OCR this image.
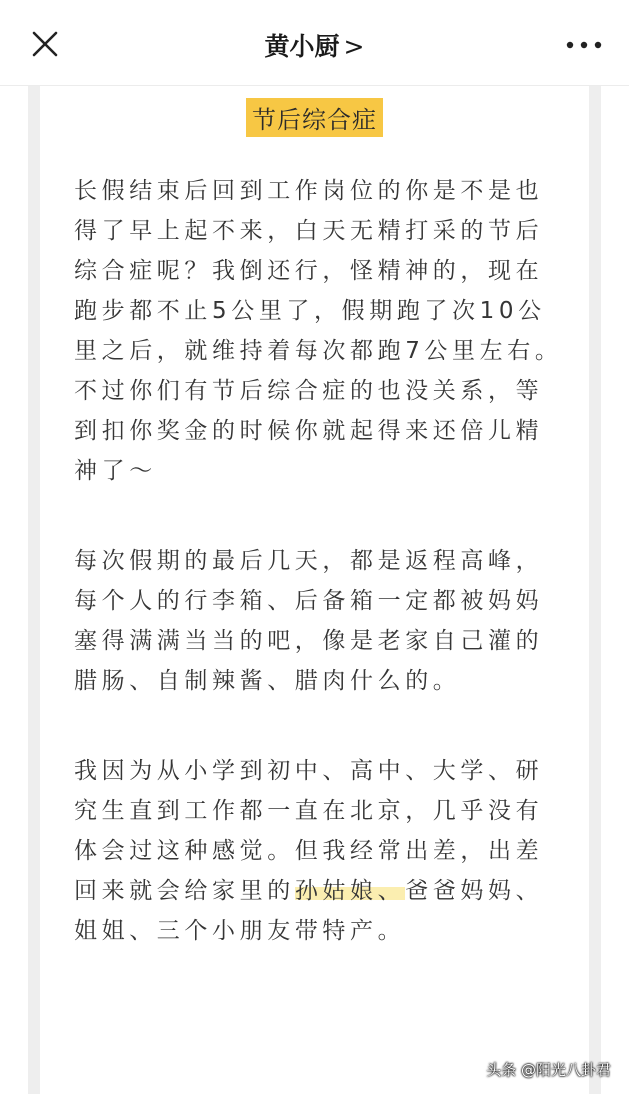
黄小厨 >
节后综合症

长假结束后回到工作岗位的你是不是也得了早上起不来，白天无精打采的节后综合症呢？我倒还行，怪精神的，现在跑步都不止5公里了，假期跑了次10公里之后，就维持着每次都跑7公里左右。不过你们有节后综合症的也没关系，等到扣你奖金的时候你就起得来还倍儿精神了～

每次假期的最后几天，都是返程高峰，每个人的行李箱、后备箱一定都被妈妈塞得满满当当的吧，像是老家自己灌的腊肠、自制辣酱、腊肉什么的。

我因为从小学到初中、高中、大学、研究生直到工作都一直在北京，几乎没有体会过这种感觉。但我经常出差，出差回来就会给家里的孙姑娘、爸爸妈妈、姐姐、三个小朋友带特产。

头条 @阳光八卦君
